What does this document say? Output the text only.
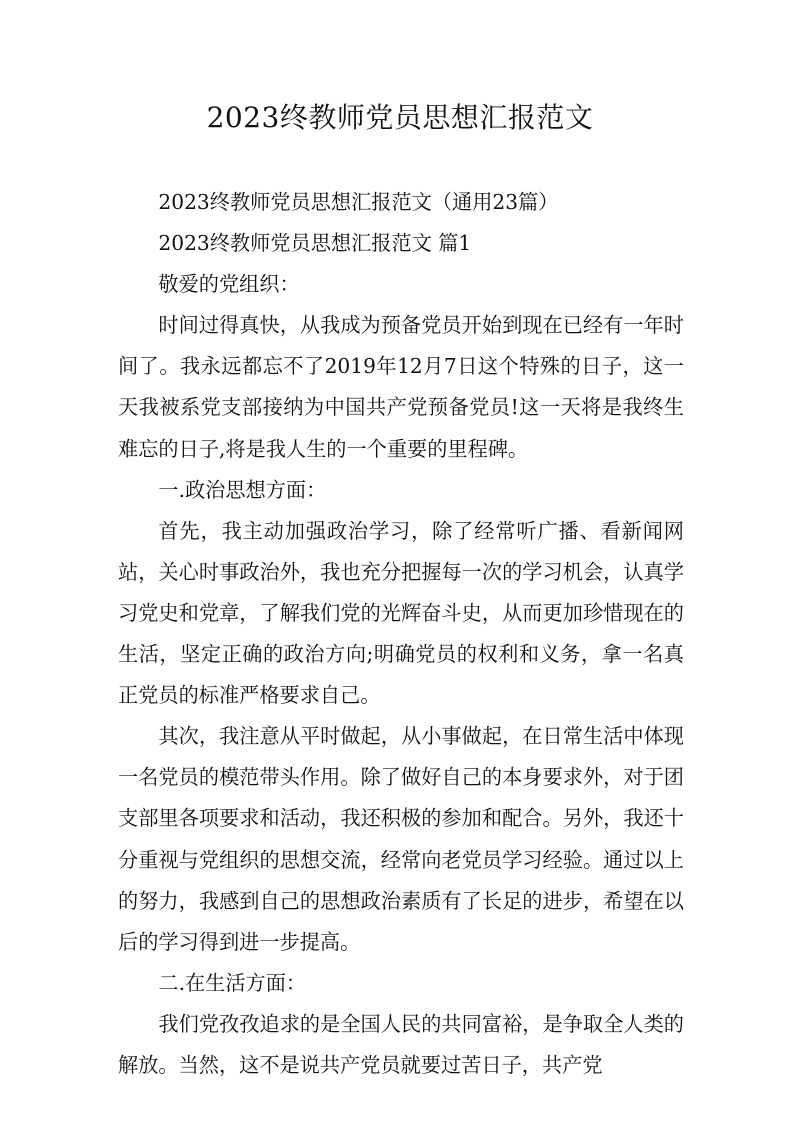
2023终教师党员思想汇报范文

2023终教师党员思想汇报范文（通用23篇）

2023终教师党员思想汇报范文 篇1

敬爱的党组织：

时间过得真快，从我成为预备党员开始到现在已经有一年时间了。我永远都忘不了2019年12月7日这个特殊的日子，这一天我被系党支部接纳为中国共产党预备党员!这一天将是我终生难忘的日子,将是我人生的一个重要的里程碑。

一.政治思想方面：

首先，我主动加强政治学习，除了经常听广播、看新闻网站，关心时事政治外，我也充分把握每一次的学习机会，认真学习党史和党章，了解我们党的光辉奋斗史，从而更加珍惜现在的生活，坚定正确的政治方向;明确党员的权利和义务，拿一名真正党员的标准严格要求自己。

其次，我注意从平时做起，从小事做起，在日常生活中体现一名党员的模范带头作用。除了做好自己的本身要求外，对于团支部里各项要求和活动，我还积极的参加和配合。另外，我还十分重视与党组织的思想交流，经常向老党员学习经验。通过以上的努力，我感到自己的思想政治素质有了长足的进步，希望在以后的学习得到进一步提高。

二.在生活方面：

我们党孜孜追求的是全国人民的共同富裕，是争取全人类的解放。当然，这不是说共产党员就要过苦日子，共产党
